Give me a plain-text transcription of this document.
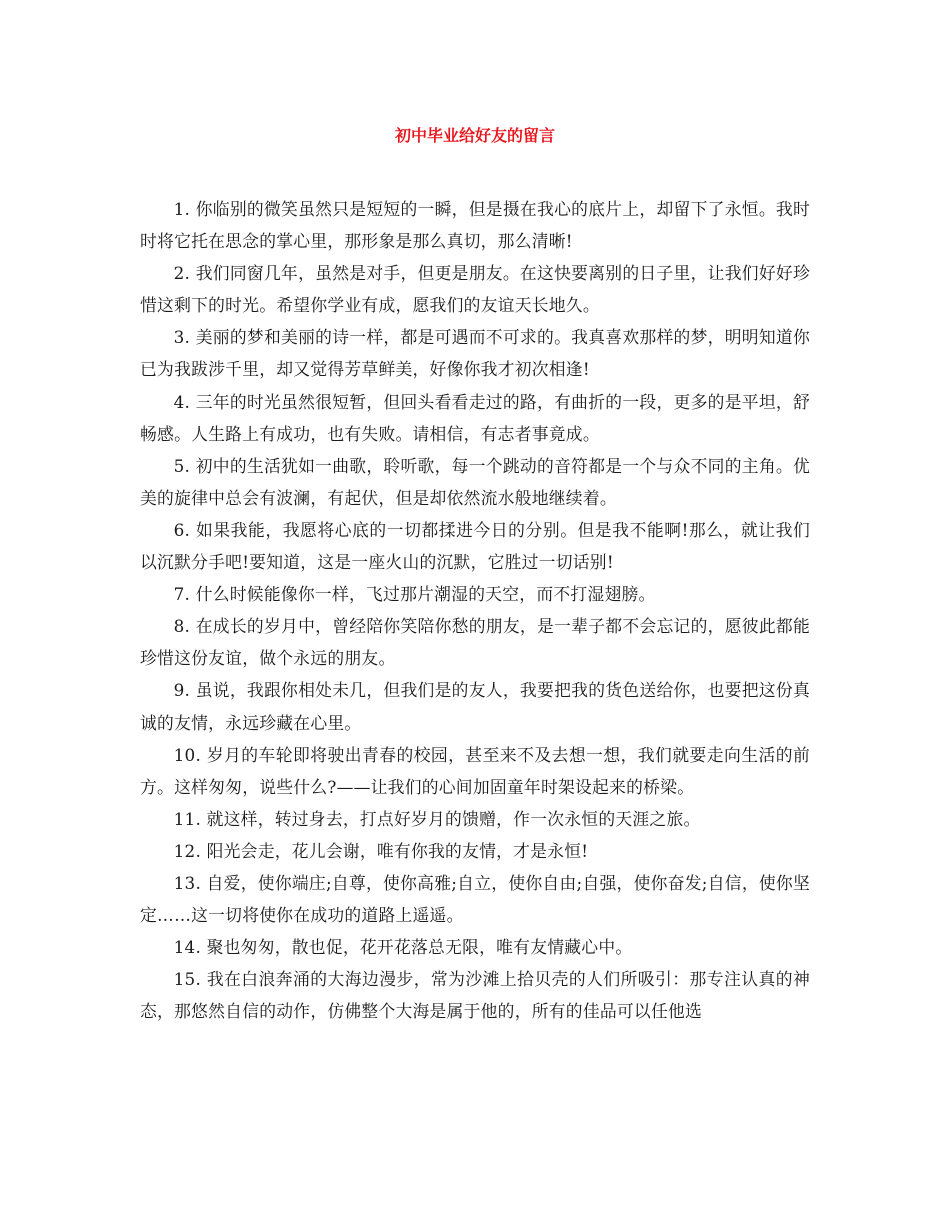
初中毕业给好友的留言

1. 你临别的微笑虽然只是短短的一瞬，但是摄在我心的底片上，却留下了永恒。我时时将它托在思念的掌心里，那形象是那么真切，那么清晰!

2. 我们同窗几年，虽然是对手，但更是朋友。在这快要离别的日子里，让我们好好珍惜这剩下的时光。希望你学业有成，愿我们的友谊天长地久。

3. 美丽的梦和美丽的诗一样，都是可遇而不可求的。我真喜欢那样的梦，明明知道你已为我跋涉千里，却又觉得芳草鲜美，好像你我才初次相逢!

4. 三年的时光虽然很短暂，但回头看看走过的路，有曲折的一段，更多的是平坦，舒畅感。人生路上有成功，也有失败。请相信，有志者事竟成。

5. 初中的生活犹如一曲歌，聆听歌，每一个跳动的音符都是一个与众不同的主角。优美的旋律中总会有波澜，有起伏，但是却依然流水般地继续着。

6. 如果我能，我愿将心底的一切都揉进今日的分别。但是我不能啊!那么，就让我们以沉默分手吧!要知道，这是一座火山的沉默，它胜过一切话别!

7. 什么时候能像你一样，飞过那片潮湿的天空，而不打湿翅膀。

8. 在成长的岁月中，曾经陪你笑陪你愁的朋友，是一辈子都不会忘记的，愿彼此都能珍惜这份友谊，做个永远的朋友。

9. 虽说，我跟你相处未几，但我们是的友人，我要把我的货色送给你，也要把这份真诚的友情，永远珍藏在心里。

10. 岁月的车轮即将驶出青春的校园，甚至来不及去想一想，我们就要走向生活的前方。这样匆匆，说些什么?——让我们的心间加固童年时架设起来的桥梁。

11. 就这样，转过身去，打点好岁月的馈赠，作一次永恒的天涯之旅。

12. 阳光会走，花儿会谢，唯有你我的友情，才是永恒!

13. 自爱，使你端庄;自尊，使你高雅;自立，使你自由;自强，使你奋发;自信，使你坚定……这一切将使你在成功的道路上遥遥。

14. 聚也匆匆，散也促，花开花落总无限，唯有友情藏心中。

15. 我在白浪奔涌的大海边漫步，常为沙滩上拾贝壳的人们所吸引：那专注认真的神态，那悠然自信的动作，仿佛整个大海是属于他的，所有的佳品可以任他选
